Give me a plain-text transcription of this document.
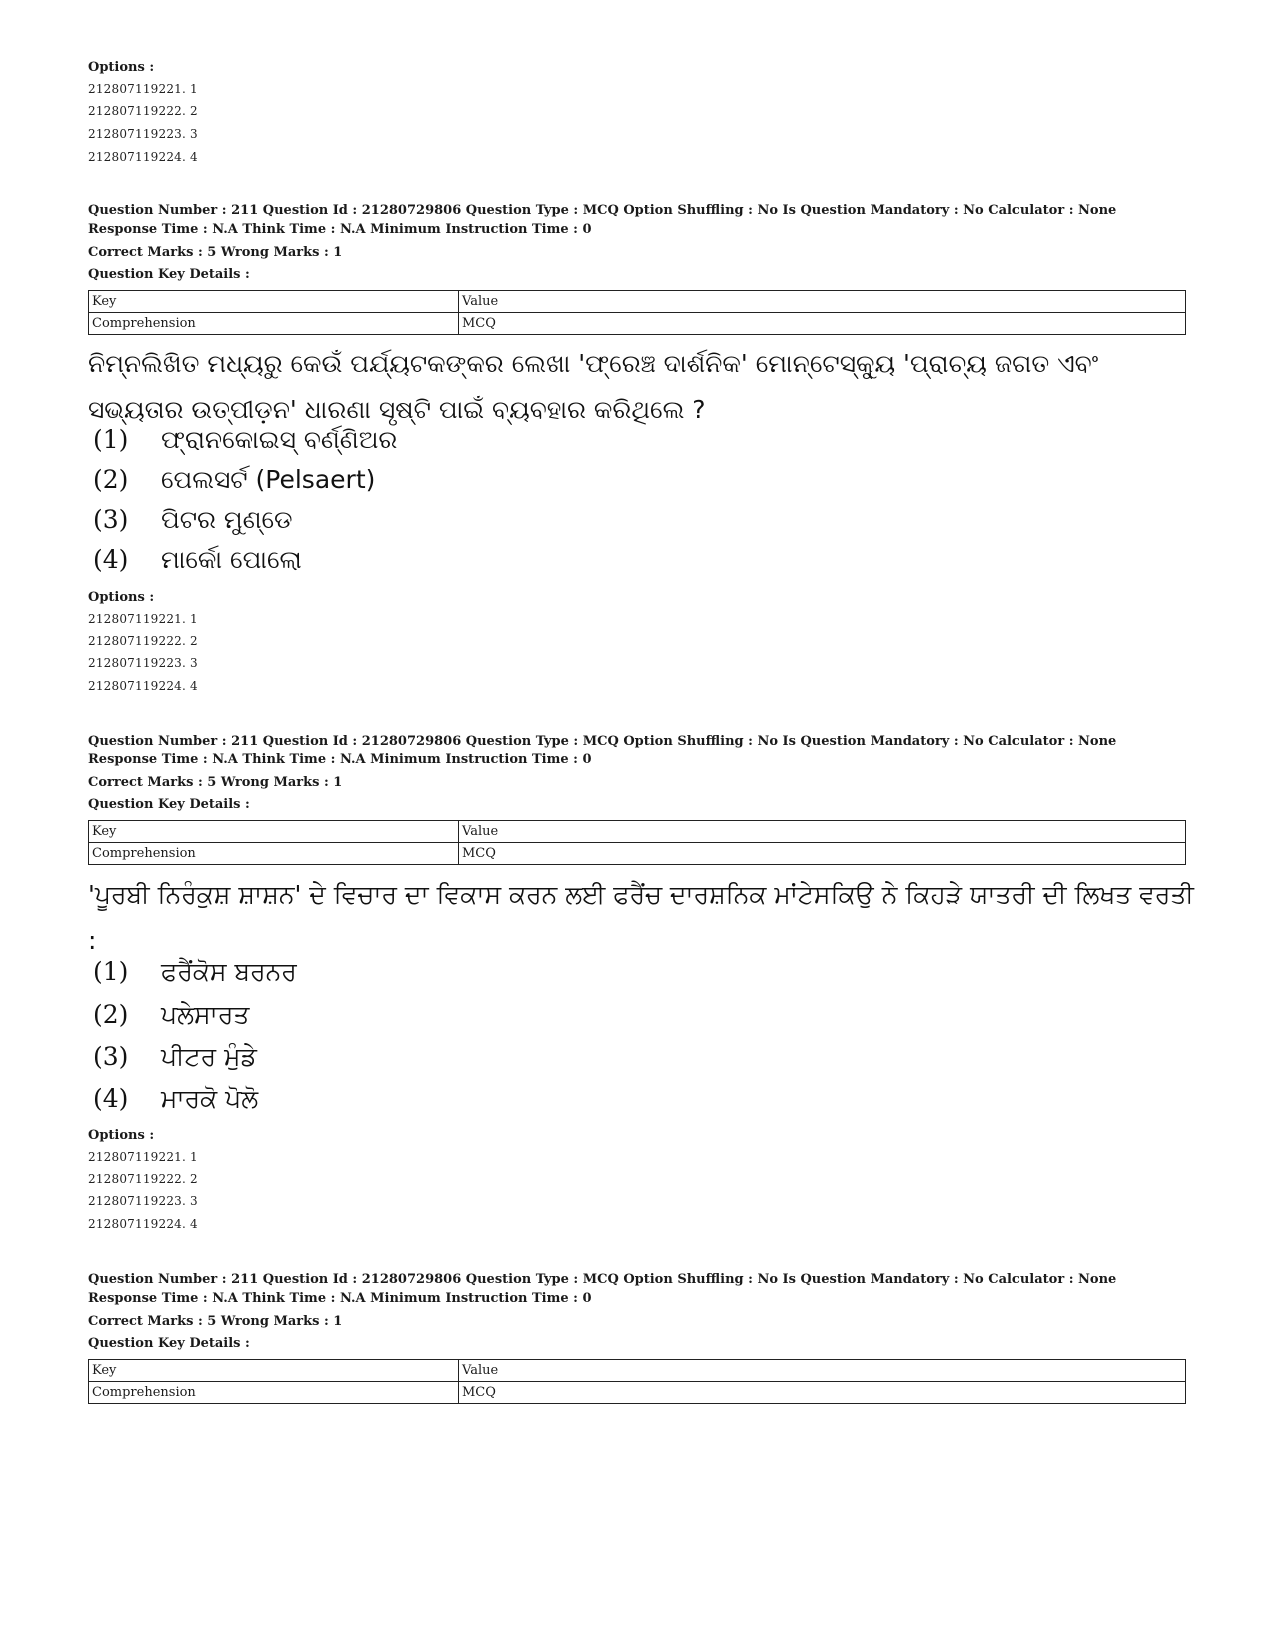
Options :
212807119221. 1
212807119222. 2
212807119223. 3
212807119224. 4
Question Number : 211 Question Id : 21280729806 Question Type : MCQ Option Shuffling : No Is Question Mandatory : No Calculator : None
Response Time : N.A Think Time : N.A Minimum Instruction Time : 0
Correct Marks : 5 Wrong Marks : 1
Question Key Details :
Key	Value
Comprehension	MCQ
ନିମ୍ନଲିଖିତ ମଧ୍ୟରୁ କେଉଁ ପର୍ଯ୍ୟଟକଙ୍କର ଲେଖା 'ଫ୍ରେଞ୍ଚ ଦାର୍ଶନିକ' ମୋନ୍ଟେସ୍କ୍ୟୁ 'ପ୍ରାଚ୍ୟ ଜଗତ ଏବଂ ସଭ୍ୟତାର ଉତ୍ପୀଡ଼ନ' ଧାରଣା ସୃଷ୍ଟି ପାଇଁ ବ୍ୟବହାର କରିଥିଲେ ?
(1) ଫ୍ରାନକୋଇସ୍ ବର୍ଣ୍ଣିଅର
(2) ପେଲସର୍ଟ (Pelsaert)
(3) ପିଟର ମୁଣ୍ଡେ
(4) ମାର୍କୋ ପୋଲୋ
Options :
212807119221. 1
212807119222. 2
212807119223. 3
212807119224. 4
Question Number : 211 Question Id : 21280729806 Question Type : MCQ Option Shuffling : No Is Question Mandatory : No Calculator : None
Response Time : N.A Think Time : N.A Minimum Instruction Time : 0
Correct Marks : 5 Wrong Marks : 1
Question Key Details :
Key	Value
Comprehension	MCQ
'ਪੂਰਬੀ ਨਿਰੰਕੁਸ਼ ਸ਼ਾਸ਼ਨ' ਦੇ ਵਿਚਾਰ ਦਾ ਵਿਕਾਸ ਕਰਨ ਲਈ ਫਰੈਂਚ ਦਾਰਸ਼ਨਿਕ ਮਾਂਟੇਸਕਿਉ ਨੇ ਕਿਹੜੇ ਯਾਤਰੀ ਦੀ ਲਿਖਤ ਵਰਤੀ :
(1) ਫਰੈਂਕੋਸ ਬਰਨਰ
(2) ਪਲੇਸਾਰਤ
(3) ਪੀਟਰ ਮੁੰਡੇ
(4) ਮਾਰਕੋ ਪੋਲੋ
Options :
212807119221. 1
212807119222. 2
212807119223. 3
212807119224. 4
Question Number : 211 Question Id : 21280729806 Question Type : MCQ Option Shuffling : No Is Question Mandatory : No Calculator : None
Response Time : N.A Think Time : N.A Minimum Instruction Time : 0
Correct Marks : 5 Wrong Marks : 1
Question Key Details :
Key	Value
Comprehension	MCQ
